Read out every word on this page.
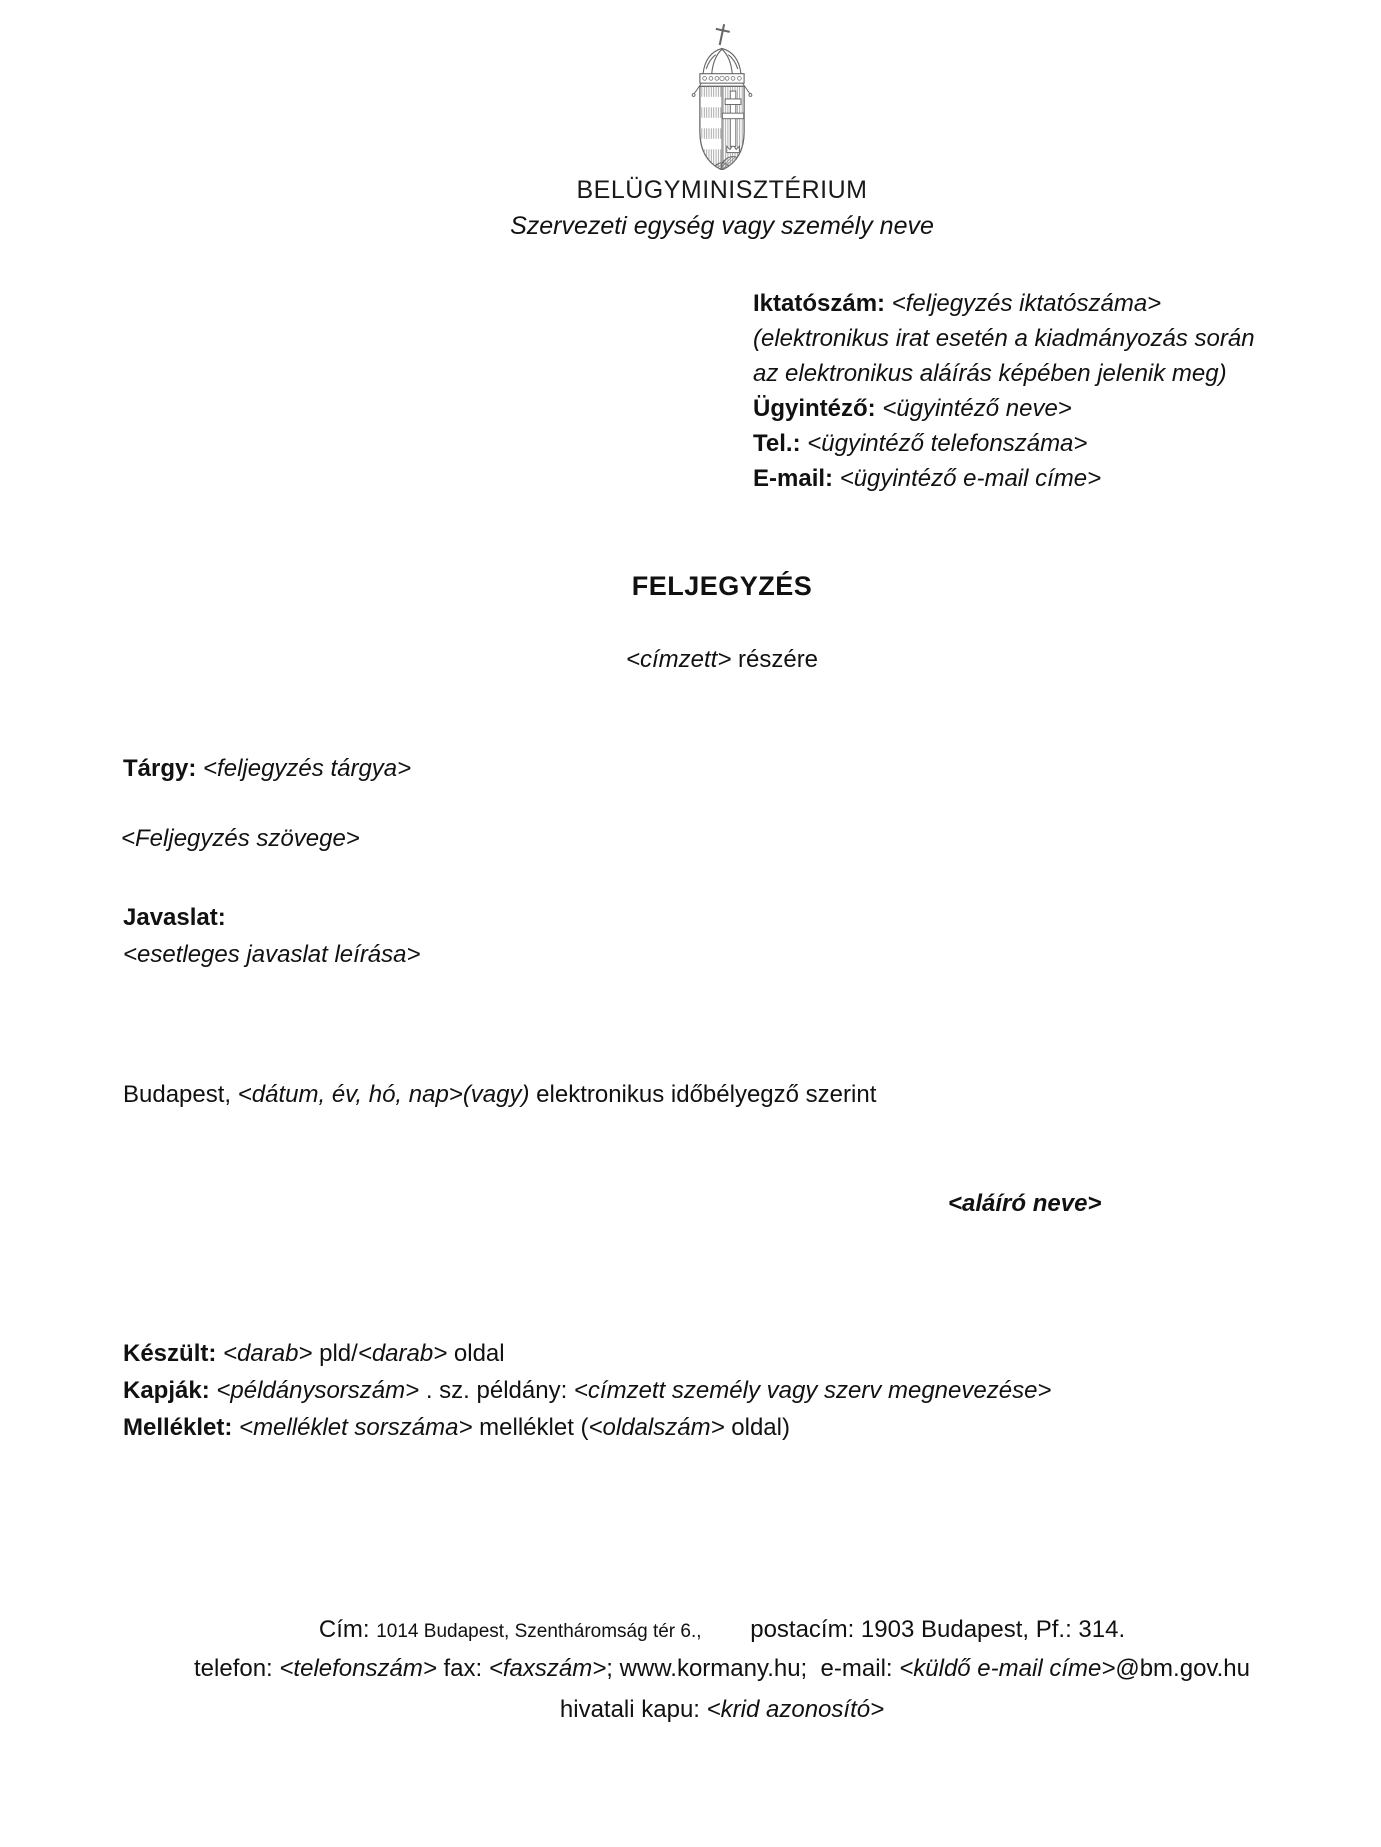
BELÜGYMINISZTÉRIUM
Szervezeti egység vagy személy neve
Iktatószám: <feljegyzés iktatószáma>
(elektronikus irat esetén a kiadmányozás során
az elektronikus aláírás képében jelenik meg)
Ügyintéző: <ügyintéző neve>
Tel.: <ügyintéző telefonszáma>
E-mail: <ügyintéző e-mail címe>
FELJEGYZÉS
<címzett> részére
Tárgy: <feljegyzés tárgya>
<Feljegyzés szövege>
Javaslat:
<esetleges javaslat leírása>
Budapest, <dátum, év, hó, nap>(vagy) elektronikus időbélyegző szerint
<aláíró neve>
Készült: <darab> pld/<darab> oldal
Kapják: <példánysorszám> . sz. példány: <címzett személy vagy szerv megnevezése>
Melléklet: <melléklet sorszáma> melléklet (<oldalszám> oldal)
Cím: 1014 Budapest, Szentháromság tér 6., postacím: 1903 Budapest, Pf.: 314.
telefon: <telefonszám> fax: <faxszám>; www.kormany.hu;  e-mail: <küldő e-mail címe>@bm.gov.hu
hivatali kapu: <krid azonosító>
